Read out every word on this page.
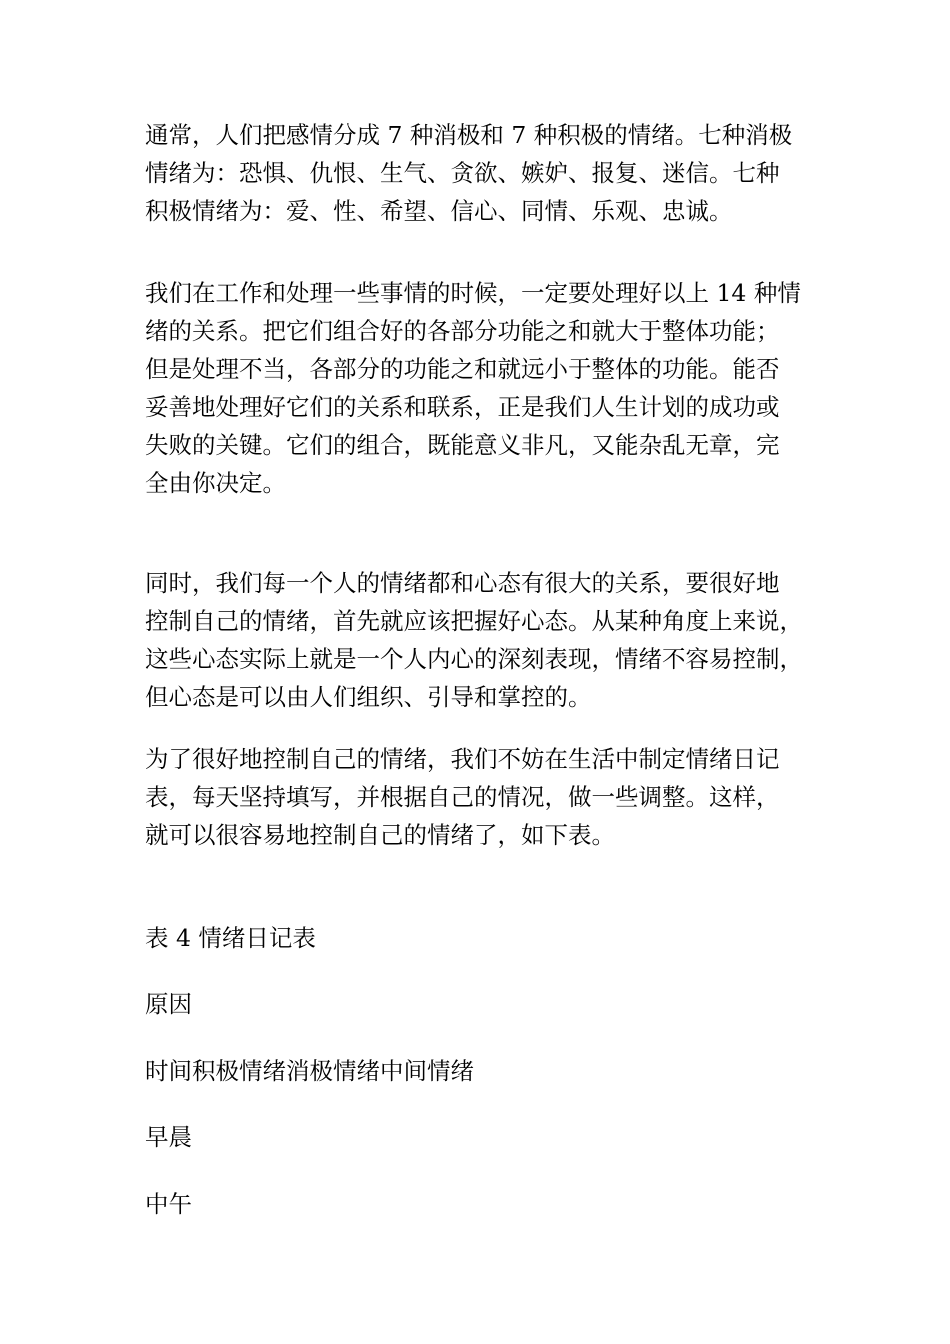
通常，人们把感情分成 7 种消极和 7 种积极的情绪。七种消极
情绪为：恐惧、仇恨、生气、贪欲、嫉妒、报复、迷信。七种
积极情绪为：爱、性、希望、信心、同情、乐观、忠诚。
我们在工作和处理一些事情的时候，一定要处理好以上 14 种情
绪的关系。把它们组合好的各部分功能之和就大于整体功能；
但是处理不当，各部分的功能之和就远小于整体的功能。能否
妥善地处理好它们的关系和联系，正是我们人生计划的成功或
失败的关键。它们的组合，既能意义非凡，又能杂乱无章，完
全由你决定。
同时，我们每一个人的情绪都和心态有很大的关系，要很好地
控制自己的情绪，首先就应该把握好心态。从某种角度上来说，
这些心态实际上就是一个人内心的深刻表现，情绪不容易控制，
但心态是可以由人们组织、引导和掌控的。
为了很好地控制自己的情绪，我们不妨在生活中制定情绪日记
表，每天坚持填写，并根据自己的情况，做一些调整。这样，
就可以很容易地控制自己的情绪了，如下表。

表 4 情绪日记表

原因

时间积极情绪消极情绪中间情绪

早晨

中午
